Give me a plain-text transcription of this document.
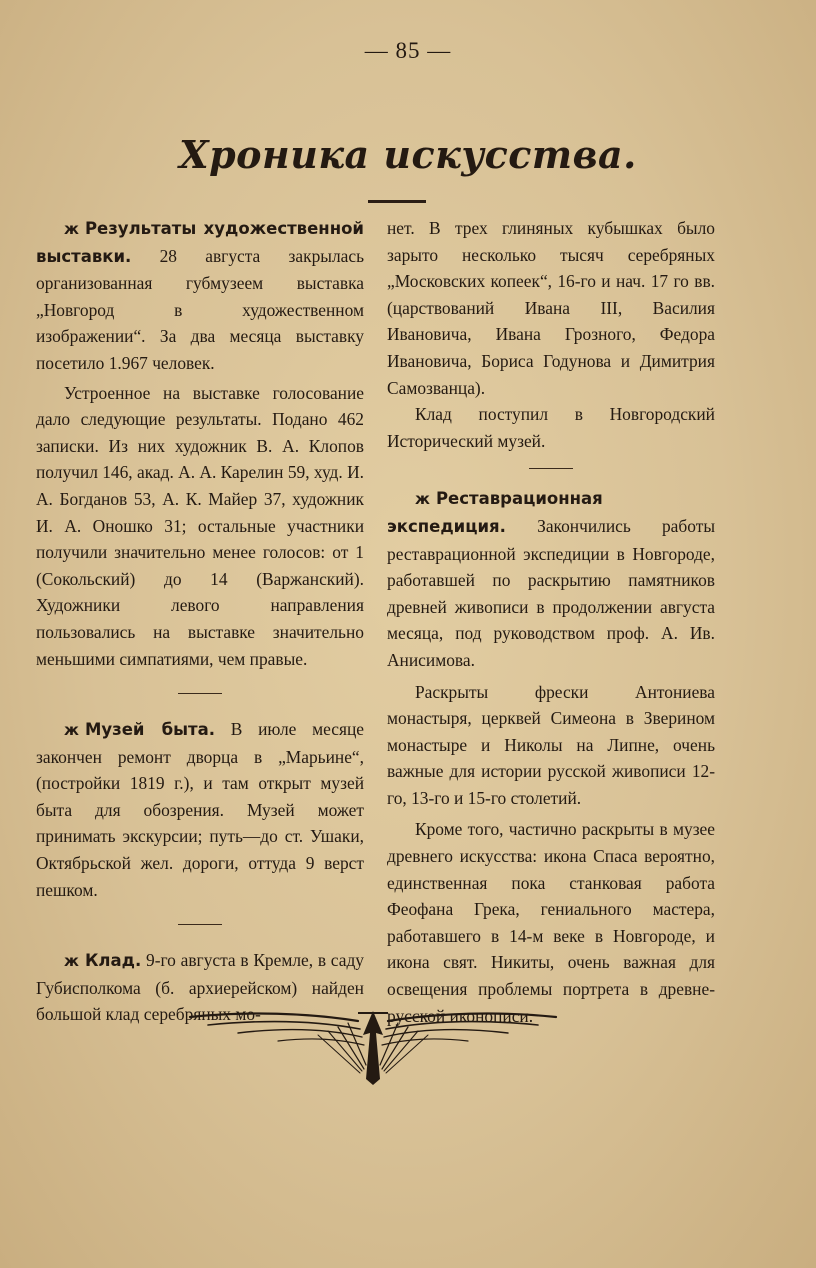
— 85 —
Хроника искусства.

ж Результаты художественной выставки. 28 августа закрылась организованная губмузеем выставка „Новгород в художественном изображении“. За два месяца выставку посетило 1.967 человек.

Устроенное на выставке голосование дало следующие результаты. Подано 462 записки. Из них художник В. А. Клопов получил 146, акад. А. А. Карелин 59, худ. И. А. Богданов 53, А. К. Майер 37, художник И. А. Оношко 31; остальные участники получили значительно менее голосов: от 1 (Сокольский) до 14 (Варжанский). Художники левого направления пользовались на выставке значительно меньшими симпатиями, чем правые.

ж Музей быта. В июле месяце закончен ремонт дворца в „Марьине“, (постройки 1819 г.), и там открыт музей быта для обозрения. Музей может принимать экскурсии; путь—до ст. Ушаки, Октябрьской жел. дороги, оттуда 9 верст пешком.

ж Клад. 9-го августа в Кремле, в саду Губисполкома (б. архиерейском) найден большой клад серебряных мо-

нет. В трех глиняных кубышках было зарыто несколько тысяч серебряных „Московских копеек“, 16-го и нач. 17 го вв. (царствований Ивана III, Василия Ивановича, Ивана Грозного, Федора Ивановича, Бориса Годунова и Димитрия Самозванца).

Клад поступил в Новгородский Исторический музей.

ж Реставрационная экспедиция. Закончились работы реставрационной экспедиции в Новгороде, работавшей по раскрытию памятников древней живописи в продолжении августа месяца, под руководством проф. А. Ив. Анисимова.

Раскрыты фрески Антониева монастыря, церквей Симеона в Зверином монастыре и Николы на Липне, очень важные для истории русской живописи 12-го, 13-го и 15-го столетий.

Кроме того, частично раскрыты в музее древнего искусства: икона Спаса вероятно, единственная пока станковая работа Феофана Грека, гениального мастера, работавшего в 14-м веке в Новгороде, и икона свят. Никиты, очень важная для освещения проблемы портрета в древне-русской иконописи.
